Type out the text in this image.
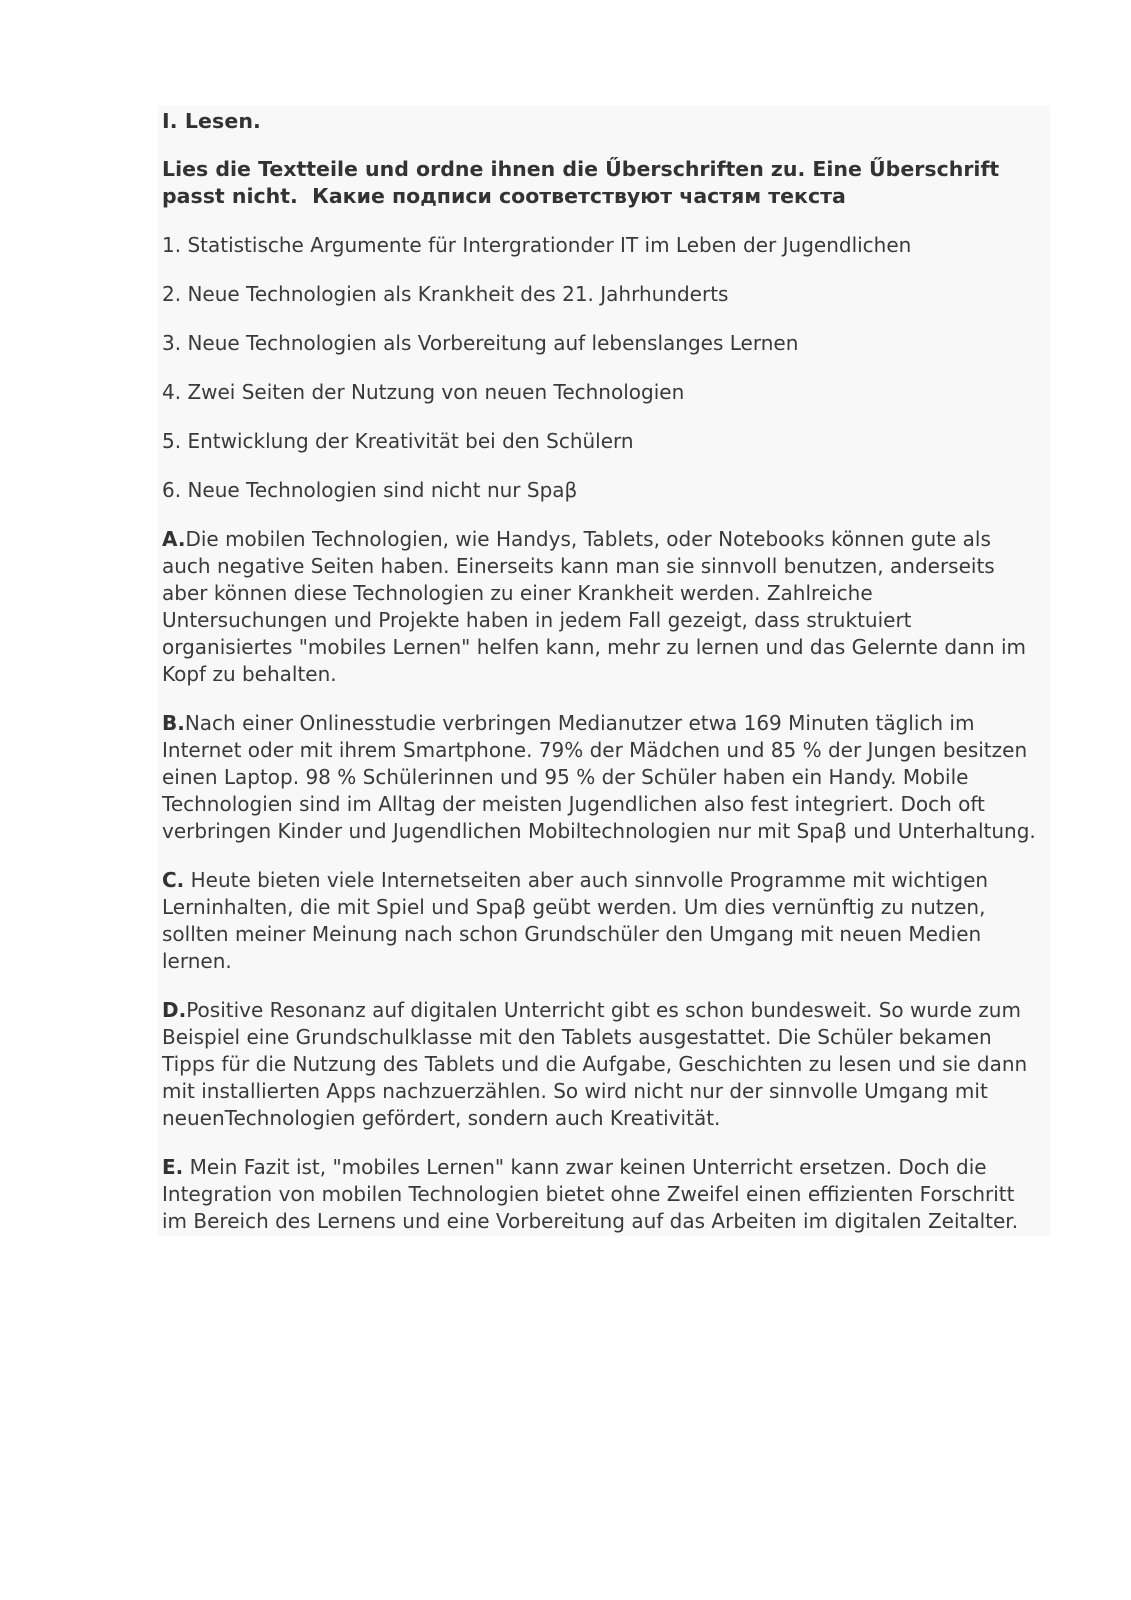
I. Lesen.
Lies die Textteile und ordne ihnen die Űberschriften zu. Eine Űberschrift passt nicht.  Какие подписи соответствуют частям текста
1. Statistische Argumente für Intergrationder IT im Leben der Jugendlichen
2. Neue Technologien als Krankheit des 21. Jahrhunderts
3. Neue Technologien als Vorbereitung auf lebenslanges Lernen
4. Zwei Seiten der Nutzung von neuen Technologien
5. Entwicklung der Kreativität bei den Schülern
6. Neue Technologien sind nicht nur Spaβ
A.Die mobilen Technologien, wie Handys, Tablets, oder Notebooks können gute als auch negative Seiten haben. Einerseits kann man sie sinnvoll benutzen, anderseits aber können diese Technologien zu einer Krankheit werden. Zahlreiche Untersuchungen und Projekte haben in jedem Fall gezeigt, dass struktuiert organisiertes "mobiles Lernen" helfen kann, mehr zu lernen und das Gelernte dann im Kopf zu behalten.
B.Nach einer Onlinesstudie verbringen Medianutzer etwa 169 Minuten täglich im Internet oder mit ihrem Smartphone. 79% der Mädchen und 85 % der Jungen besitzen einen Laptop. 98 % Schülerinnen und 95 % der Schüler haben ein Handy. Mobile Technologien sind im Alltag der meisten Jugendlichen also fest integriert. Doch oft verbringen Kinder und Jugendlichen Mobiltechnologien nur mit Spaβ und Unterhaltung.
C. Heute bieten viele Internetseiten aber auch sinnvolle Programme mit wichtigen Lerninhalten, die mit Spiel und Spaβ geübt werden. Um dies vernünftig zu nutzen, sollten meiner Meinung nach schon Grundschüler den Umgang mit neuen Medien lernen.
D.Positive Resonanz auf digitalen Unterricht gibt es schon bundesweit. So wurde zum Beispiel eine Grundschulklasse mit den Tablets ausgestattet. Die Schüler bekamen Tipps für die Nutzung des Tablets und die Aufgabe, Geschichten zu lesen und sie dann mit installierten Apps nachzuerzählen. So wird nicht nur der sinnvolle Umgang mit neuenTechnologien gefördert, sondern auch Kreativität.
E. Mein Fazit ist, "mobiles Lernen" kann zwar keinen Unterricht ersetzen. Doch die Integration von mobilen Technologien bietet ohne Zweifel einen effizienten Forschritt im Bereich des Lernens und eine Vorbereitung auf das Arbeiten im digitalen Zeitalter.
